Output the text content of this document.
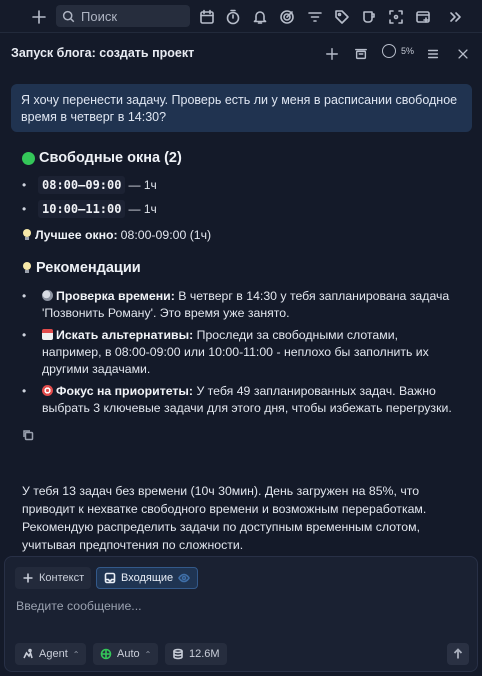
Поиск
Запуск блога: создать проект	5%
Я хочу перенести задачу. Проверь есть ли у меня в расписании свободное время в четверг в 14:30?
Свободные окна (2)
•	08:00–09:00 — 1ч
•	10:00–11:00 — 1ч
Лучшее окно: 08:00-09:00 (1ч)
Рекомендации
•	Проверка времени: В четверг в 14:30 у тебя запланирована задача 'Позвонить Роману'. Это время уже занято.
•	Искать альтернативы: Проследи за свободными слотами, например, в 08:00-09:00 или 10:00-11:00 - неплохо бы заполнить их другими задачами.
•	Фокус на приоритеты: У тебя 49 запланированных задач. Важно выбрать 3 ключевые задачи для этого дня, чтобы избежать перегрузки.
У тебя 13 задач без времени (10ч 30мин). День загружен на 85%, что приводит к нехватке свободного времени и возможным переработкам. Рекомендую распределить задачи по доступным временным слотом, учитывая предпочтения по сложности.
Контекст	Входящие
Введите сообщение...
Agent ⌃	Auto ⌃	12.6M
